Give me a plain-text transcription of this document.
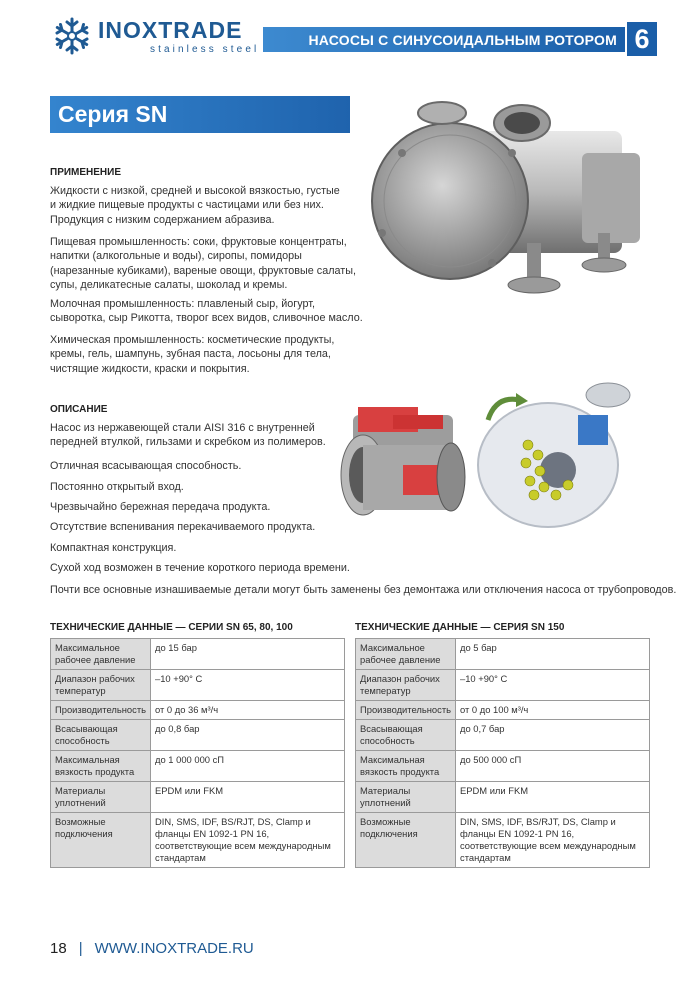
INOXTRADE
stainless steel
НАСОСЫ С СИНУСОИДАЛЬНЫМ РОТОРОМ 6
Серия SN
ПРИМЕНЕНИЕ
Жидкости с низкой, средней и высокой вязкостью, густые
и жидкие пищевые продукты с частицами или без них.
Продукция с низким содержанием абразива.
Пищевая промышленность: соки, фруктовые концентраты,
напитки (алкогольные и воды), сиропы, помидоры
(нарезанные кубиками), вареные овощи, фруктовые салаты,
супы, деликатесные салаты, шоколад и кремы.
Молочная промышленность: плавленый сыр, йогурт,
сыворотка, сыр Рикотта, творог всех видов, сливочное масло.
Химическая промышленность: косметические продукты,
кремы, гель, шампунь, зубная паста, лосьоны для тела,
чистящие жидкости, краски и покрытия.
ОПИСАНИЕ
Насос из нержавеющей стали AISI 316 с внутренней
передней втулкой, гильзами и скребком из полимеров.
Отличная всасывающая способность.
Постоянно открытый вход.
Чрезвычайно бережная передача продукта.
Отсутствие вспенивания перекачиваемого продукта.
Компактная конструкция.
Сухой ход возможен в течение короткого периода времени.
Почти все основные изнашиваемые детали могут быть заменены без демонтажа или отключения насоса от трубопроводов.
ТЕХНИЧЕСКИЕ ДАННЫЕ — СЕРИИ SN 65, 80, 100
Максимальное рабочее давление	до 15 бар
Диапазон рабочих температур	–10 +90° C
Производительность	от 0 до 36 м³/ч
Всасывающая способность	до 0,8 бар
Максимальная вязкость продукта	до 1 000 000 сП
Материалы уплотнений	EPDM или FKM
Возможные подключения	DIN, SMS, IDF, BS/RJT, DS, Clamp и фланцы EN 1092-1 PN 16, соответствующие всем международным стандартам
ТЕХНИЧЕСКИЕ ДАННЫЕ — СЕРИЯ SN 150
Максимальное рабочее давление	до 5 бар
Диапазон рабочих температур	–10 +90° C
Производительность	от 0 до 100 м³/ч
Всасывающая способность	до 0,7 бар
Максимальная вязкость продукта	до 500 000 сП
Материалы уплотнений	EPDM или FKM
Возможные подключения	DIN, SMS, IDF, BS/RJT, DS, Clamp и фланцы EN 1092-1 PN 16, соответствующие всем международным стандартам
18 | WWW.INOXTRADE.RU
